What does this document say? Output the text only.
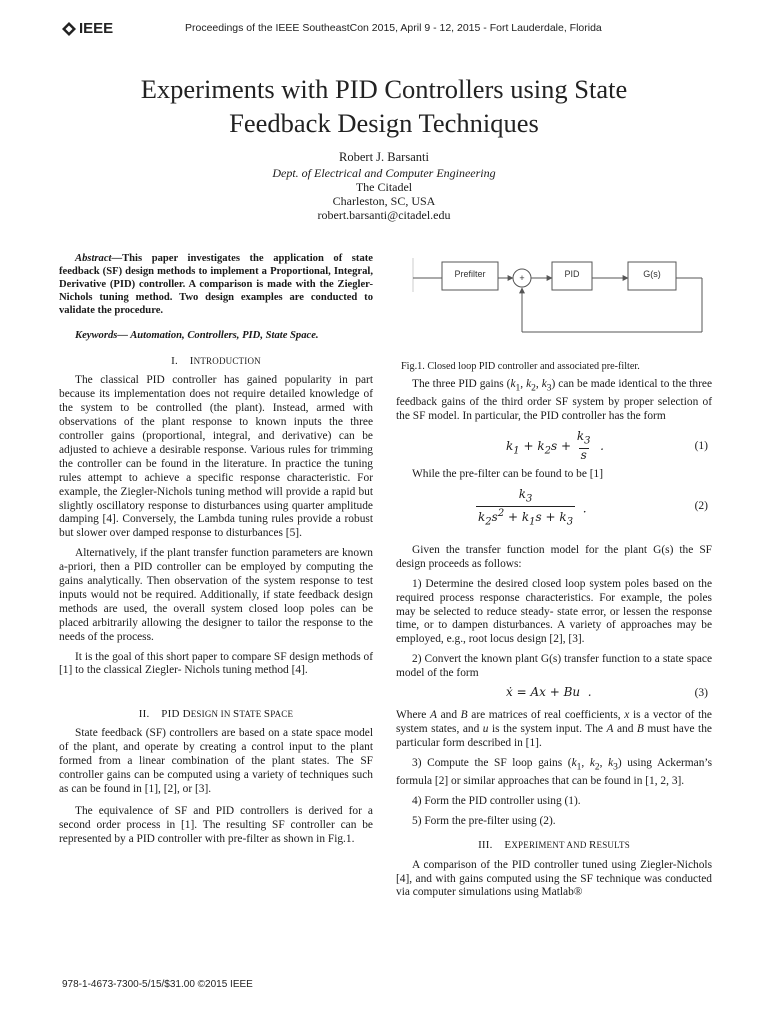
IEEE	Proceedings of the IEEE SoutheastCon 2015, April 9 - 12, 2015 - Fort Lauderdale, Florida
Experiments with PID Controllers using State
Feedback Design Techniques
Robert J. Barsanti
Dept. of Electrical and Computer Engineering
The Citadel
Charleston, SC, USA
robert.barsanti@citadel.edu

Abstract—This paper investigates the application of state feedback (SF) design methods to implement a Proportional, Integral, Derivative (PID) controller. A comparison is made with the Ziegler-Nichols tuning method. Two design examples are conducted to validate the procedure.

Keywords— Automation, Controllers, PID, State Space.

I. INTRODUCTION

The classical PID controller has gained popularity in part because its implementation does not require detailed knowledge of the system to be controlled (the plant). Instead, armed with observations of the plant response to known inputs the three controller gains (proportional, integral, and derivative) can be adjusted to achieve a desirable response. Various rules for trimming the controller can be found in the literature. In practice the tuning rules attempt to achieve a specific response characteristic. For example, the Ziegler-Nichols tuning method will provide a rapid but slightly oscillatory response to disturbances using quarter amplitude damping [4]. Conversely, the Lambda tuning rules provide a robust but slower over damped response to disturbances [5].

Alternatively, if the plant transfer function parameters are known a-priori, then a PID controller can be employed by computing the gains analytically. Then observation of the system response to test inputs would not be required. Additionally, if state feedback design methods are used, the overall system closed loop poles can be placed arbitrarily allowing the designer to tailor the response to the needs of the process.

It is the goal of this short paper to compare SF design methods of [1] to the classical Ziegler- Nichols tuning method [4].

II. PID DESIGN IN STATE SPACE

State feedback (SF) controllers are based on a state space model of the plant, and operate by creating a control input to the plant formed from a linear combination of the plant states. The SF controller gains can be computed using a variety of techniques such as can be found in [1], [2], or [3].

The equivalence of SF and PID controllers is derived for a second order process in [1]. The resulting SF controller can be represented by a PID controller with pre-filter as shown in Fig.1.

Prefilter	+	PID	G(s)
Fig.1. Closed loop PID controller and associated pre-filter.

The three PID gains ($k_1$, $k_2$, $k_3$) can be made identical to the three feedback gains of the third order SF system by proper selection of the SF model. In particular, the PID controller has the form

$k_1 + k_2s + \frac{k_3}{s}$ .	(1)

While the pre-filter can be found to be [1]

$\frac{k_3}{k_2s^2 + k_1s + k_3}$ .	(2)

Given the transfer function model for the plant G(s) the SF design proceeds as follows:

1) Determine the desired closed loop system poles based on the required process response characteristics. For example, the poles may be selected to reduce steady- state error, or lessen the response time, or to dampen disturbances. A variety of approaches may be employed, e.g., root locus design [2], [3].

2) Convert the known plant G(s) transfer function to a state space model of the form

ẋ = Ax + Bu  .	(3)

Where A and B are matrices of real coefficients, x is a vector of the system states, and u is the system input. The A and B must have the particular form described in [1].

3) Compute the SF loop gains ($k_1$, $k_2$, $k_3$) using Ackerman’s formula [2] or similar approaches that can be found in [1, 2, 3].

4) Form the PID controller using (1).

5) Form the pre-filter using (2).

III. EXPERIMENT AND RESULTS

A comparison of the PID controller tuned using Ziegler-Nichols [4], and with gains computed using the SF technique was conducted via computer simulations using Matlab®

978-1-4673-7300-5/15/$31.00 ©2015 IEEE
